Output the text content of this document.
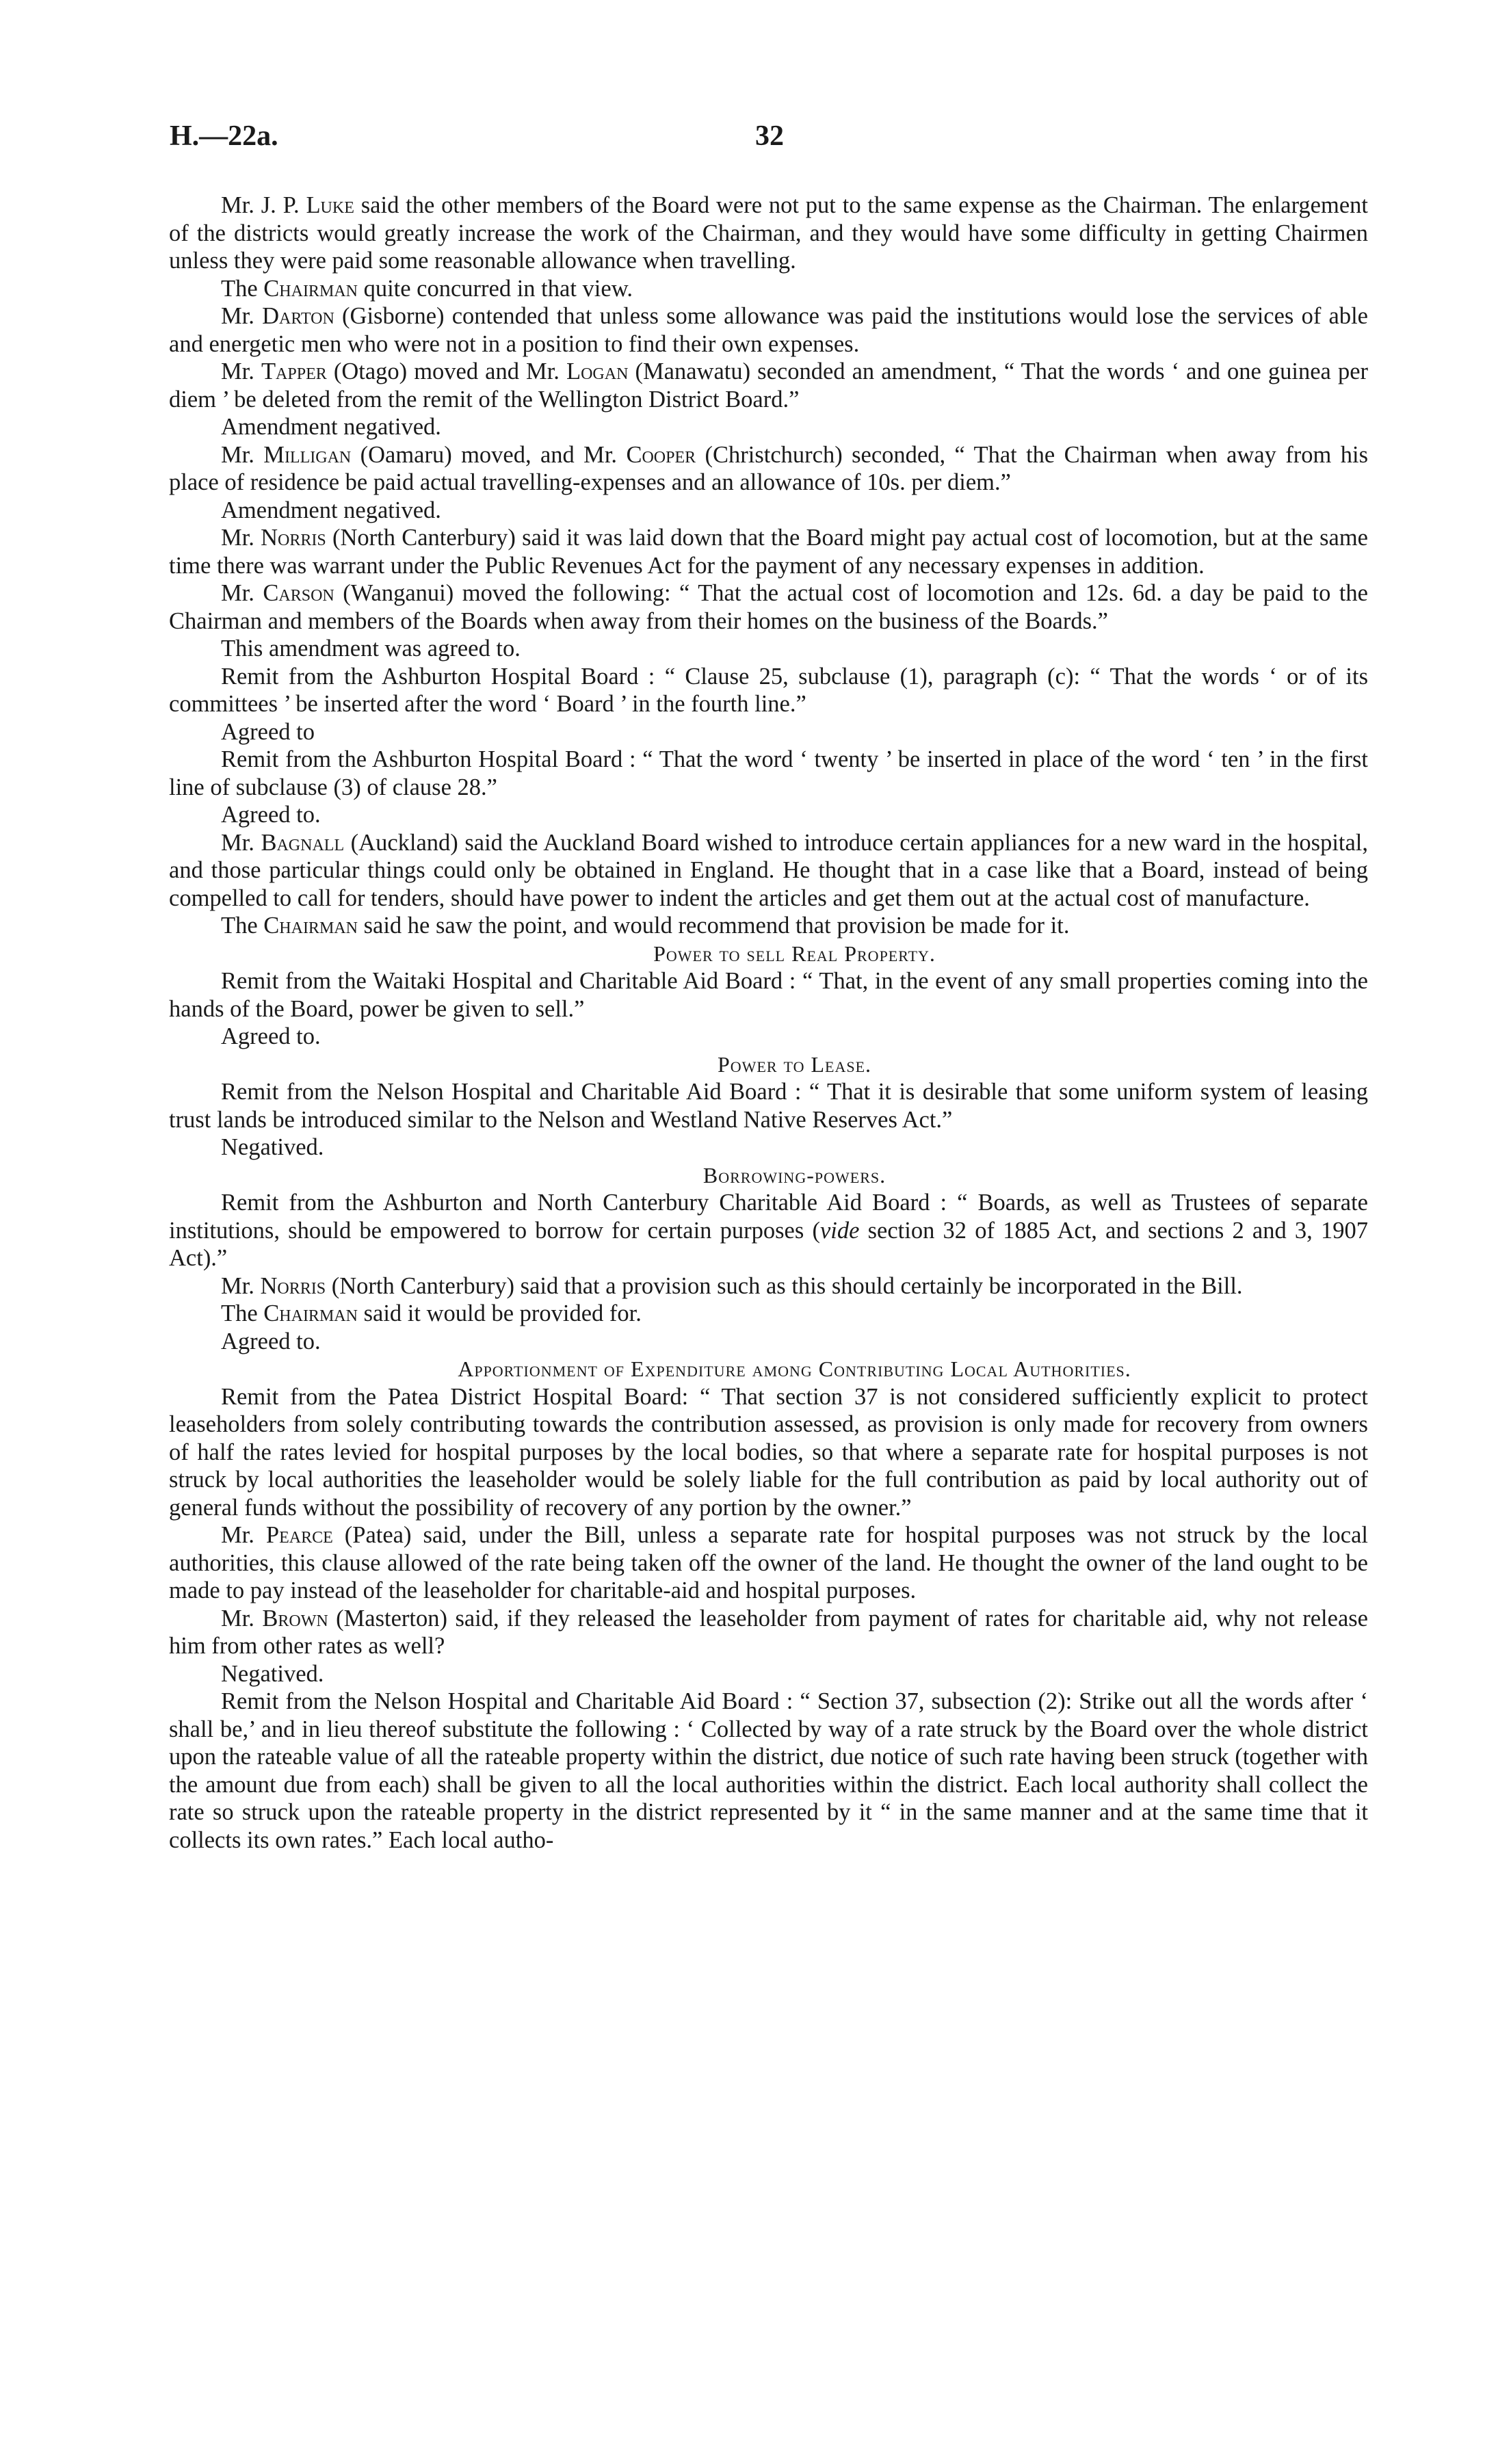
H.—22a.	32

Mr. J. P. Luke said the other members of the Board were not put to the same expense as the Chairman. The enlargement of the districts would greatly increase the work of the Chairman, and they would have some difficulty in getting Chairmen unless they were paid some reasonable allowance when travelling.

The Chairman quite concurred in that view.

Mr. Darton (Gisborne) contended that unless some allowance was paid the institutions would lose the services of able and energetic men who were not in a position to find their own expenses.

Mr. Tapper (Otago) moved and Mr. Logan (Manawatu) seconded an amendment, “ That the words ‘ and one guinea per diem ’ be deleted from the remit of the Wellington District Board.”

Amendment negatived.

Mr. Milligan (Oamaru) moved, and Mr. Cooper (Christchurch) seconded, “ That the Chairman when away from his place of residence be paid actual travelling-expenses and an allowance of 10s. per diem.”

Amendment negatived.

Mr. Norris (North Canterbury) said it was laid down that the Board might pay actual cost of locomotion, but at the same time there was warrant under the Public Revenues Act for the payment of any necessary expenses in addition.

Mr. Carson (Wanganui) moved the following: “ That the actual cost of locomotion and 12s. 6d. a day be paid to the Chairman and members of the Boards when away from their homes on the business of the Boards.”

This amendment was agreed to.

Remit from the Ashburton Hospital Board : “ Clause 25, subclause (1), paragraph (c): “ That the words ‘ or of its committees ’ be inserted after the word ‘ Board ’ in the fourth line.”

Agreed to

Remit from the Ashburton Hospital Board : “ That the word ‘ twenty ’ be inserted in place of the word ‘ ten ’ in the first line of subclause (3) of clause 28.”

Agreed to.

Mr. Bagnall (Auckland) said the Auckland Board wished to introduce certain appliances for a new ward in the hospital, and those particular things could only be obtained in England. He thought that in a case like that a Board, instead of being compelled to call for tenders, should have power to indent the articles and get them out at the actual cost of manufacture.

The Chairman said he saw the point, and would recommend that provision be made for it.

Power to sell Real Property.

Remit from the Waitaki Hospital and Charitable Aid Board : “ That, in the event of any small properties coming into the hands of the Board, power be given to sell.”

Agreed to.

Power to Lease.

Remit from the Nelson Hospital and Charitable Aid Board : “ That it is desirable that some uniform system of leasing trust lands be introduced similar to the Nelson and Westland Native Reserves Act.”

Negatived.

Borrowing-powers.

Remit from the Ashburton and North Canterbury Charitable Aid Board : “ Boards, as well as Trustees of separate institutions, should be empowered to borrow for certain purposes (vide section 32 of 1885 Act, and sections 2 and 3, 1907 Act).”

Mr. Norris (North Canterbury) said that a provision such as this should certainly be incorporated in the Bill.

The Chairman said it would be provided for.

Agreed to.

Apportionment of Expenditure among Contributing Local Authorities.

Remit from the Patea District Hospital Board: “ That section 37 is not considered sufficiently explicit to protect leaseholders from solely contributing towards the contribution assessed, as provision is only made for recovery from owners of half the rates levied for hospital purposes by the local bodies, so that where a separate rate for hospital purposes is not struck by local authorities the leaseholder would be solely liable for the full contribution as paid by local authority out of general funds without the possibility of recovery of any portion by the owner.”

Mr. Pearce (Patea) said, under the Bill, unless a separate rate for hospital purposes was not struck by the local authorities, this clause allowed of the rate being taken off the owner of the land. He thought the owner of the land ought to be made to pay instead of the leaseholder for charitable-aid and hospital purposes.

Mr. Brown (Masterton) said, if they released the leaseholder from payment of rates for charitable aid, why not release him from other rates as well?

Negatived.

Remit from the Nelson Hospital and Charitable Aid Board : “ Section 37, subsection (2): Strike out all the words after ‘ shall be,’ and in lieu thereof substitute the following : ‘ Collected by way of a rate struck by the Board over the whole district upon the rateable value of all the rateable property within the district, due notice of such rate having been struck (together with the amount due from each) shall be given to all the local authorities within the district. Each local authority shall collect the rate so struck upon the rateable property in the district represented by it “ in the same manner and at the same time that it collects its own rates.” Each local autho-
